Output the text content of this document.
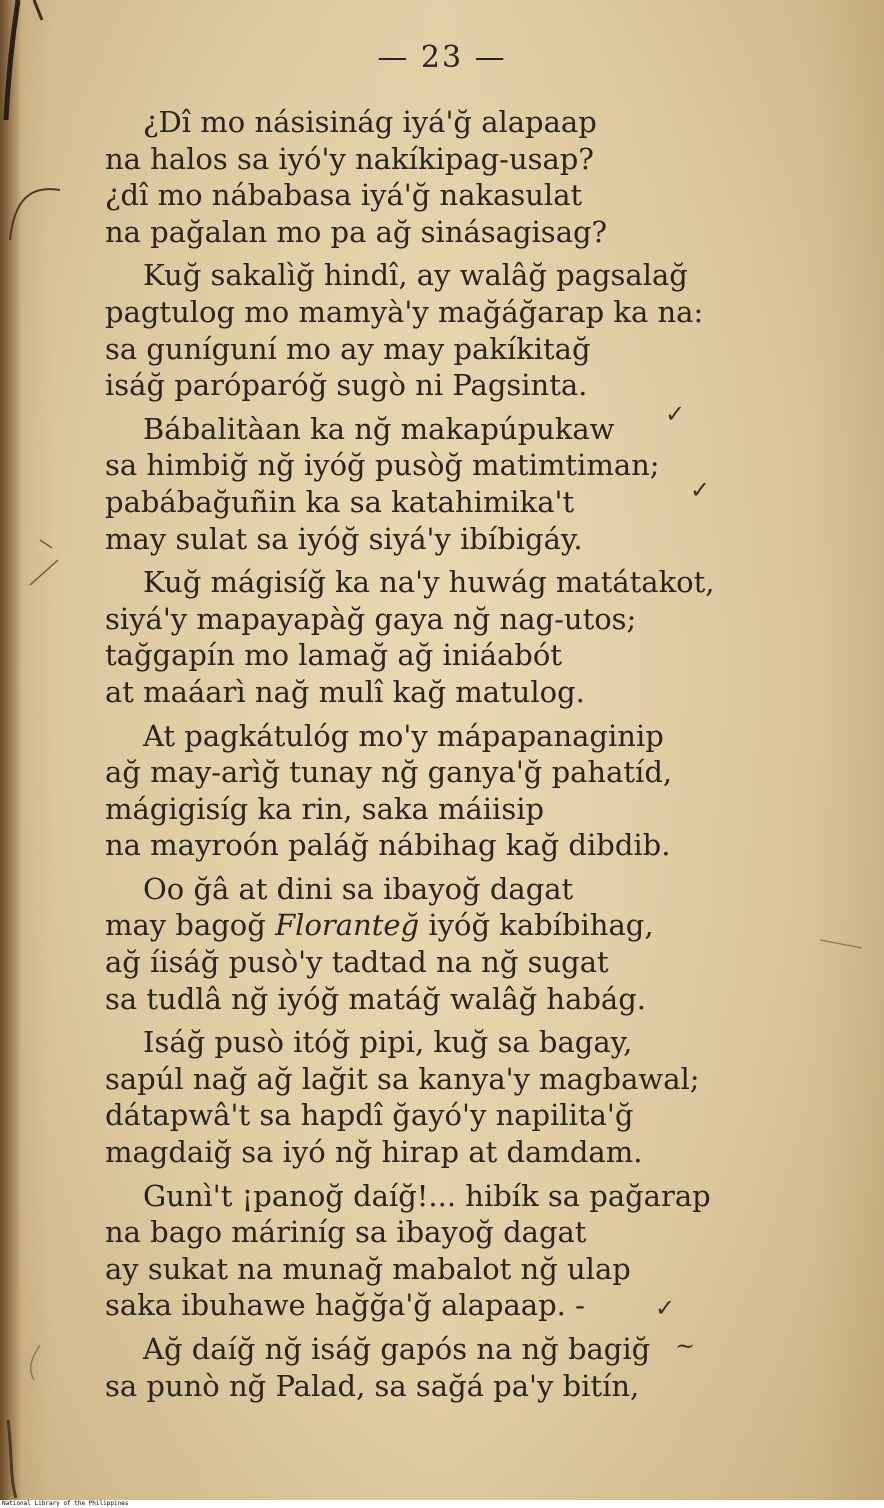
— 23 —
¿Dî mo násisinág iyá'ğ alapaap
na halos sa iyó'y nakíkipag-usap?
¿dî mo nábabasa iyá'ğ nakasulat
na pağalan mo pa ağ sinásagisag?
Kuğ sakalìğ hindî, ay walâğ pagsalağ
pagtulog mo mamyà'y mağáğarap ka na:
sa guníguní mo ay may pakíkitağ
isáğ paróparóğ sugò ni Pagsinta.
Bábalitàan ka nğ makapúpukaw
sa himbiğ nğ iyóğ pusòğ matimtiman;
pabábağuñin ka sa katahimika't
may sulat sa iyóğ siyá'y ibíbigáy.
Kuğ mágisíğ ka na'y huwág matátakot,
siyá'y mapayapàğ gaya nğ nag-utos;
tağgapín mo lamağ ağ iniáabót
at maáarì nağ mulî kağ matulog.
At pagkátulóg mo'y mápapanaginip
ağ may-arìğ tunay nğ ganya'ğ pahatíd,
mágigisíg ka rin, saka máiisip
na mayroón paláğ nábihag kağ dibdib.
Oo ğâ at dini sa ibayoğ dagat
may bagoğ Floranteğ iyóğ kabíbihag,
ağ íisáğ pusò'y tadtad na nğ sugat
sa tudlâ nğ iyóğ matáğ walâğ habág.
Isáğ pusò itóğ pipi, kuğ sa bagay,
sapúl nağ ağ lağit sa kanya'y magbawal;
dátapwâ't sa hapdî ğayó'y napilita'ğ
magdaiğ sa iyó nğ hirap at damdam.
Gunì't ¡panoğ daíğ!... hibík sa pağarap
na bago máriníg sa ibayoğ dagat
ay sukat na munağ mabalot nğ ulap
saka ibuhawe hağğa'ğ alapaap. -
Ağ daíğ nğ isáğ gapós na nğ bagiğ
sa punò nğ Palad, sa sağá pa'y bitín,
✓
✓
✓
~
National Library of the Philippines
